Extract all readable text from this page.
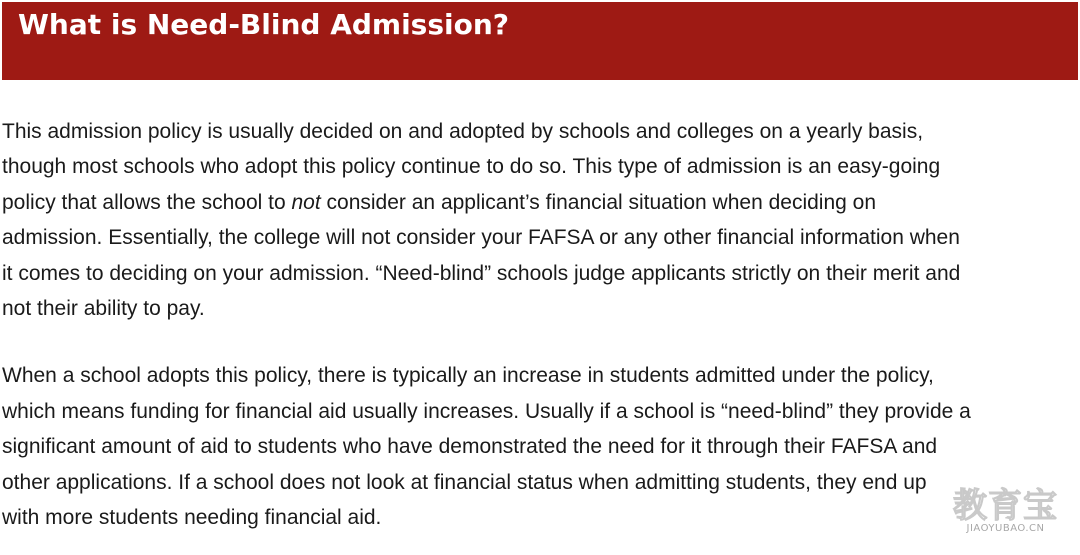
What is Need-Blind Admission?

This admission policy is usually decided on and adopted by schools and colleges on a yearly basis,
though most schools who adopt this policy continue to do so. This type of admission is an easy-going
policy that allows the school to not consider an applicant’s financial situation when deciding on
admission. Essentially, the college will not consider your FAFSA or any other financial information when
it comes to deciding on your admission. “Need-blind” schools judge applicants strictly on their merit and
not their ability to pay.

When a school adopts this policy, there is typically an increase in students admitted under the policy,
which means funding for financial aid usually increases. Usually if a school is “need-blind” they provide a
significant amount of aid to students who have demonstrated the need for it through their FAFSA and
other applications. If a school does not look at financial status when admitting students, they end up
with more students needing financial aid.	教育宝
JIAOYUBAO.CN
